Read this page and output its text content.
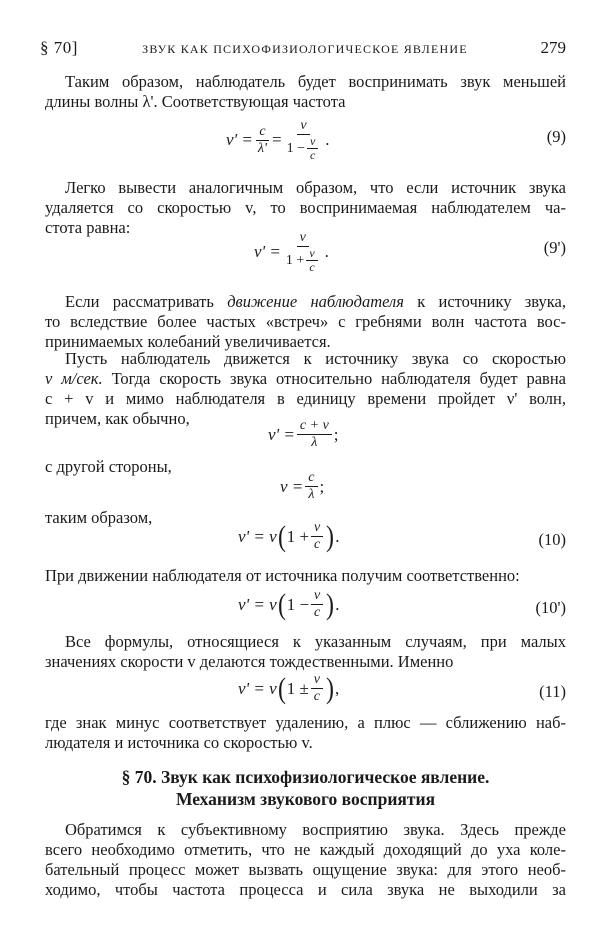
§ 70]	ЗВУК КАК ПСИХОФИЗИОЛОГИЧЕСКОЕ ЯВЛЕНИЕ	279
Таким образом, наблюдатель будет воспринимать звук меньшей
длины волны λ'. Соответствующая частота
$\nu' = \frac{c}{\lambda'} = \frac{\nu}{1 - \frac{v}{c}}$ .	(9)
Легко вывести аналогичным образом, что если источник звука
удаляется со скоростью v, то воспринимаемая наблюдателем ча-
стота равна:
$\nu' = \frac{\nu}{1 + \frac{v}{c}}$ .	(9')
Если рассматривать движение наблюдателя к источнику звука,
то вследствие более частых «встреч» с гребнями волн частота вос-
принимаемых колебаний увеличивается.
Пусть наблюдатель движется к источнику звука со скоростью
v м/сек. Тогда скорость звука относительно наблюдателя будет равна
c + v и мимо наблюдателя в единицу времени пройдет ν' волн,
причем, как обычно,
$\nu' = \frac{c + v}{\lambda}$ ;
с другой стороны,
$\nu = \frac{c}{\lambda}$ ;
таким образом,
ν' = ν ( $1 + \frac{v}{c}$ ) .	(10)
При движении наблюдателя от источника получим соответственно:
ν' = ν ( $1 - \frac{v}{c}$ ) .	(10')
Все формулы, относящиеся к указанным случаям, при малых
значениях скорости v делаются тождественными. Именно
ν' = ν ( $1 \pm \frac{v}{c}$ ) ,	(11)
где знак минус соответствует удалению, а плюс — сближению наб-
людателя и источника со скоростью v.
§ 70. Звук как психофизиологическое явление.
Механизм звукового восприятия
Обратимся к субъективному восприятию звука. Здесь прежде
всего необходимо отметить, что не каждый доходящий до уха коле-
бательный процесс может вызвать ощущение звука: для этого необ-
ходимо, чтобы частота процесса и сила звука не выходили за
